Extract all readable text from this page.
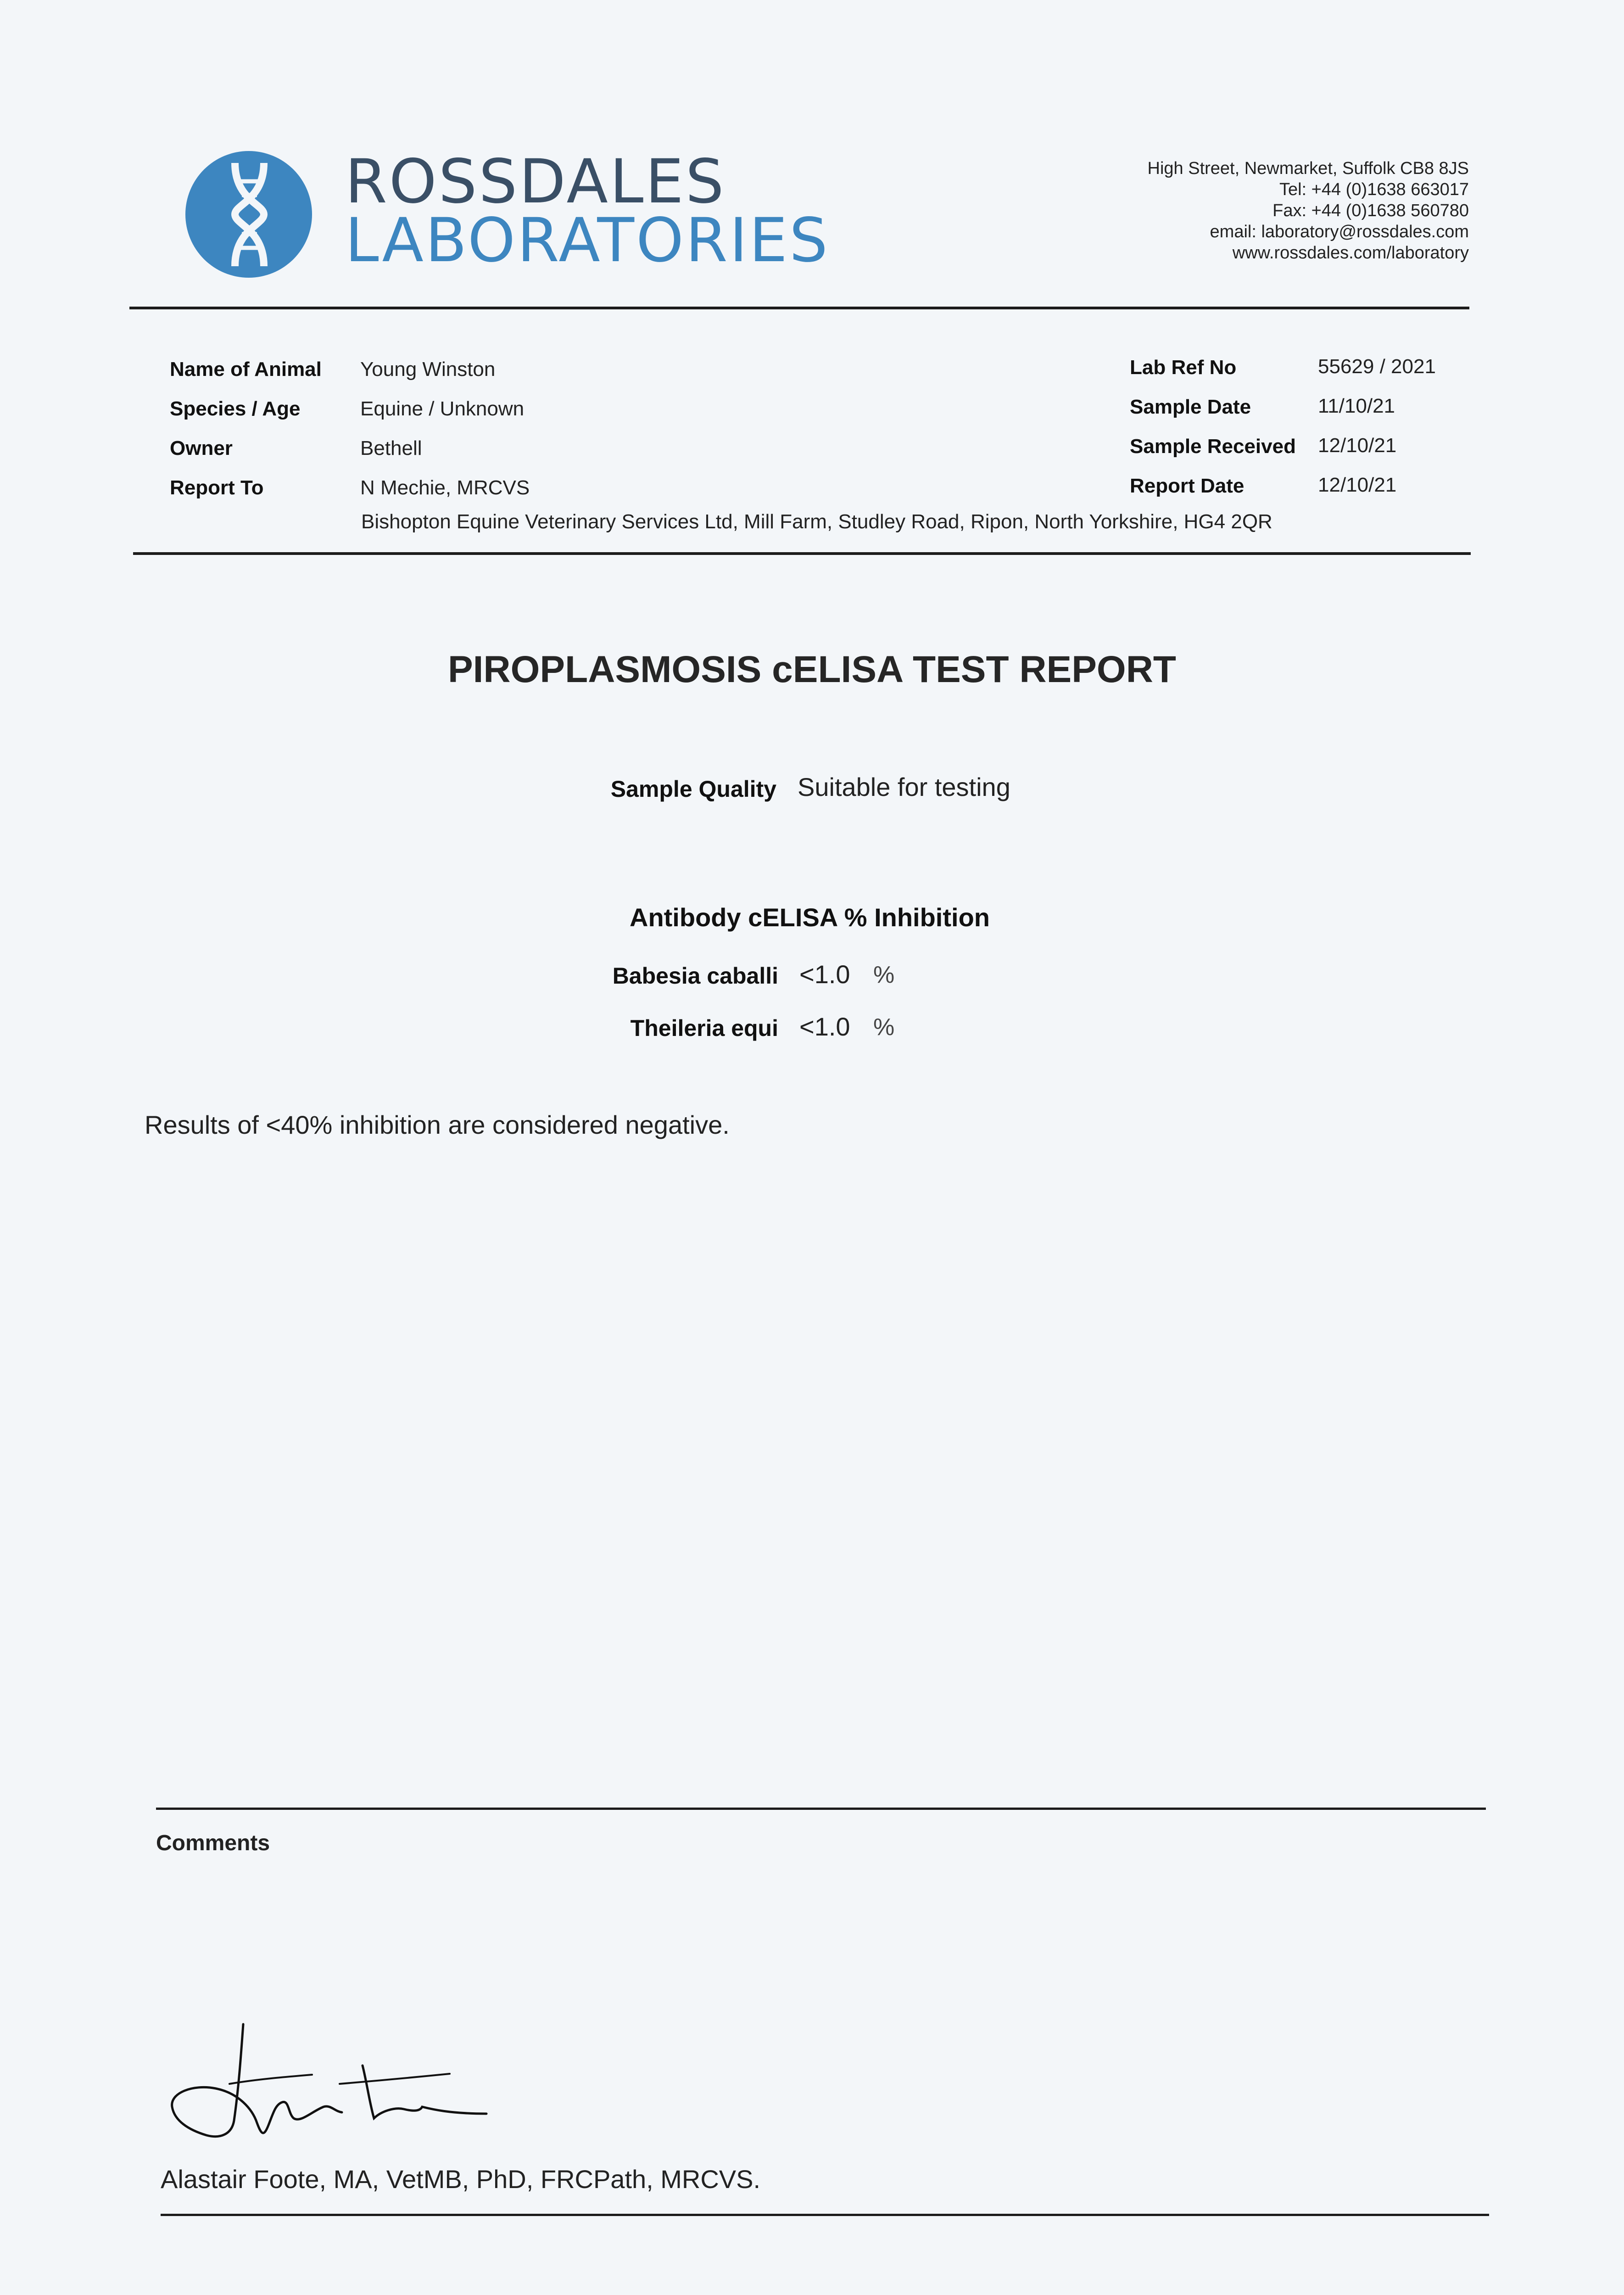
ROSSDALES
LABORATORIES
High Street, Newmarket, Suffolk CB8 8JS
Tel: +44 (0)1638 663017
Fax: +44 (0)1638 560780
email: laboratory@rossdales.com
www.rossdales.com/laboratory
Name of Animal Young Winston
Species / Age	Equine / Unknown
Owner	Bethell
Report To	N Mechie, MRCVS
Bishopton Equine Veterinary Services Ltd, Mill Farm, Studley Road, Ripon, North Yorkshire, HG4 2QR
Lab Ref No	55629 / 2021
Sample Date	11/10/21
Sample Received 12/10/21
Report Date	12/10/21
PIROPLASMOSIS cELISA TEST REPORT
Sample Quality Suitable for testing
Antibody cELISA % Inhibition
Babesia caballi <1.0 %
Theileria equi <1.0 %
Results of <40% inhibition are considered negative.
Comments
Alastair Foote, MA, VetMB, PhD, FRCPath, MRCVS.
